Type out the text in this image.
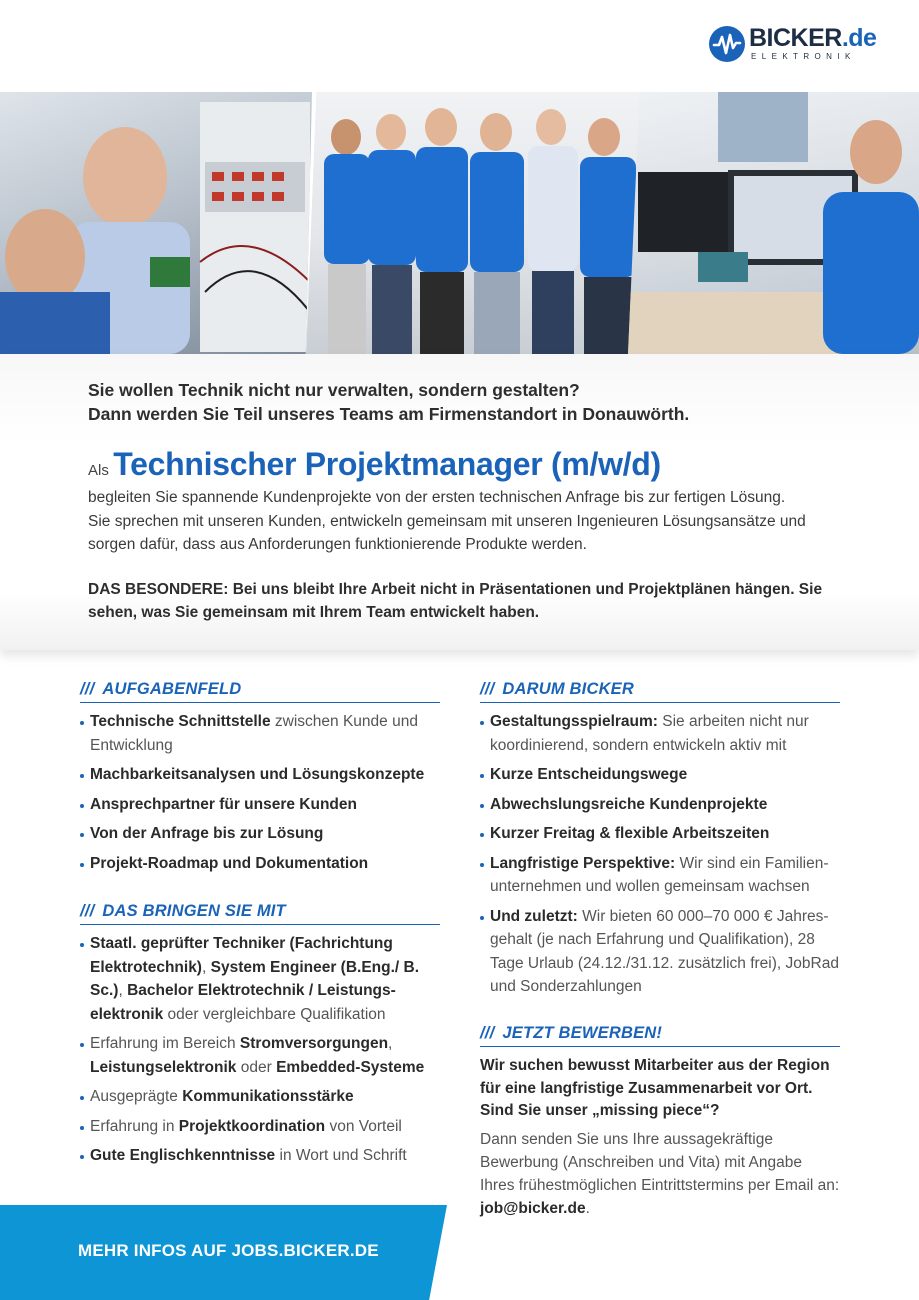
BICKER.de
ELEKTRONIK
Sie wollen Technik nicht nur verwalten, sondern gestalten?
Dann werden Sie Teil unseres Teams am Firmenstandort in Donauwörth.
Als Technischer Projektmanager (m/w/d)
begleiten Sie spannende Kundenprojekte von der ersten technischen Anfrage bis zur fertigen Lösung. Sie sprechen mit unseren Kunden, entwickeln gemeinsam mit unseren Ingenieuren Lösungsansätze und sorgen dafür, dass aus Anforderungen funktionierende Produkte werden.
DAS BESONDERE: Bei uns bleibt Ihre Arbeit nicht in Präsentationen und Projektplänen hängen. Sie sehen, was Sie gemeinsam mit Ihrem Team entwickelt haben.
/// AUFGABENFELD
Technische Schnittstelle zwischen Kunde und Entwicklung
Machbarkeitsanalysen und Lösungskonzepte
Ansprechpartner für unsere Kunden
Von der Anfrage bis zur Lösung
Projekt-Roadmap und Dokumentation
/// DAS BRINGEN SIE MIT
Staatl. geprüfter Techniker (Fachrichtung Elektrotechnik), System Engineer (B.Eng./ B. Sc.), Bachelor Elektrotechnik / Leistungselektronik oder vergleichbare Qualifikation
Erfahrung im Bereich Stromversorgungen, Leistungselektronik oder Embedded-Systeme
Ausgeprägte Kommunikationsstärke
Erfahrung in Projektkoordination von Vorteil
Gute Englischkenntnisse in Wort und Schrift
/// DARUM BICKER
Gestaltungsspielraum: Sie arbeiten nicht nur koordinierend, sondern entwickeln aktiv mit
Kurze Entscheidungswege
Abwechslungsreiche Kundenprojekte
Kurzer Freitag & flexible Arbeitszeiten
Langfristige Perspektive: Wir sind ein Familienunternehmen und wollen gemeinsam wachsen
Und zuletzt: Wir bieten 60 000–70 000 € Jahresgehalt (je nach Erfahrung und Qualifikation), 28 Tage Urlaub (24.12./31.12. zusätzlich frei), JobRad und Sonderzahlungen
/// JETZT BEWERBEN!
Wir suchen bewusst Mitarbeiter aus der Region für eine langfristige Zusammenarbeit vor Ort. Sind Sie unser „missing piece“?
Dann senden Sie uns Ihre aussagekräftige Bewerbung (Anschreiben und Vita) mit Angabe Ihres frühestmöglichen Eintrittstermins per Email an: job@bicker.de.
MEHR INFOS AUF JOBS.BICKER.DE
